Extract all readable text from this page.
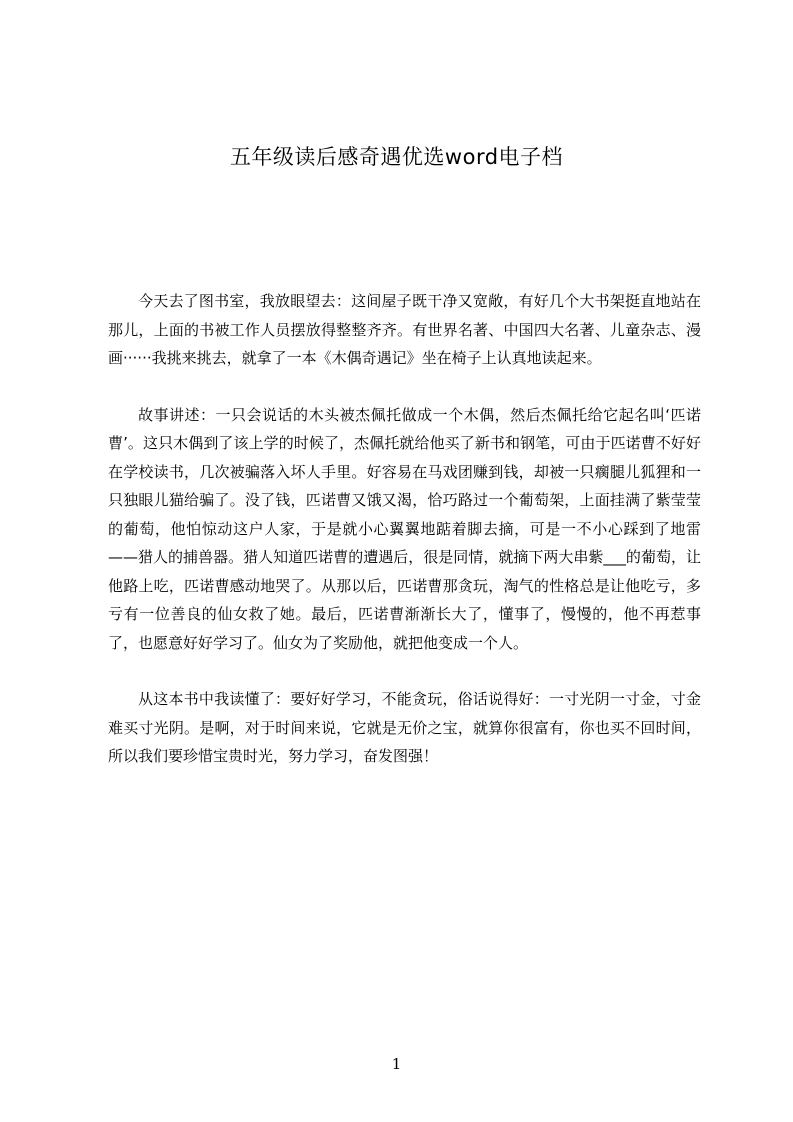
五年级读后感奇遇优选word电子档

今天去了图书室，我放眼望去：这间屋子既干净又宽敞，有好几个大书架挺直地站在那儿，上面的书被工作人员摆放得整整齐齐。有世界名著、中国四大名著、儿童杂志、漫画······我挑来挑去，就拿了一本《木偶奇遇记》坐在椅子上认真地读起来。

故事讲述：一只会说话的木头被杰佩托做成一个木偶，然后杰佩托给它起名叫‘匹诺曹’。这只木偶到了该上学的时候了，杰佩托就给他买了新书和钢笔，可由于匹诺曹不好好在学校读书，几次被骗落入坏人手里。好容易在马戏团赚到钱，却被一只瘸腿儿狐狸和一只独眼儿猫给骗了。没了钱，匹诺曹又饿又渴，恰巧路过一个葡萄架，上面挂满了紫莹莹的葡萄，他怕惊动这户人家，于是就小心翼翼地踮着脚去摘，可是一不小心踩到了地雷——猎人的捕兽器。猎人知道匹诺曹的遭遇后，很是同情，就摘下两大串紫___的葡萄，让他路上吃，匹诺曹感动地哭了。从那以后，匹诺曹那贪玩，淘气的性格总是让他吃亏，多亏有一位善良的仙女救了她。最后，匹诺曹渐渐长大了，懂事了，慢慢的，他不再惹事了，也愿意好好学习了。仙女为了奖励他，就把他变成一个人。

从这本书中我读懂了：要好好学习，不能贪玩，俗话说得好：一寸光阴一寸金，寸金难买寸光阴。是啊，对于时间来说，它就是无价之宝，就算你很富有，你也买不回时间，所以我们要珍惜宝贵时光，努力学习，奋发图强！

1
